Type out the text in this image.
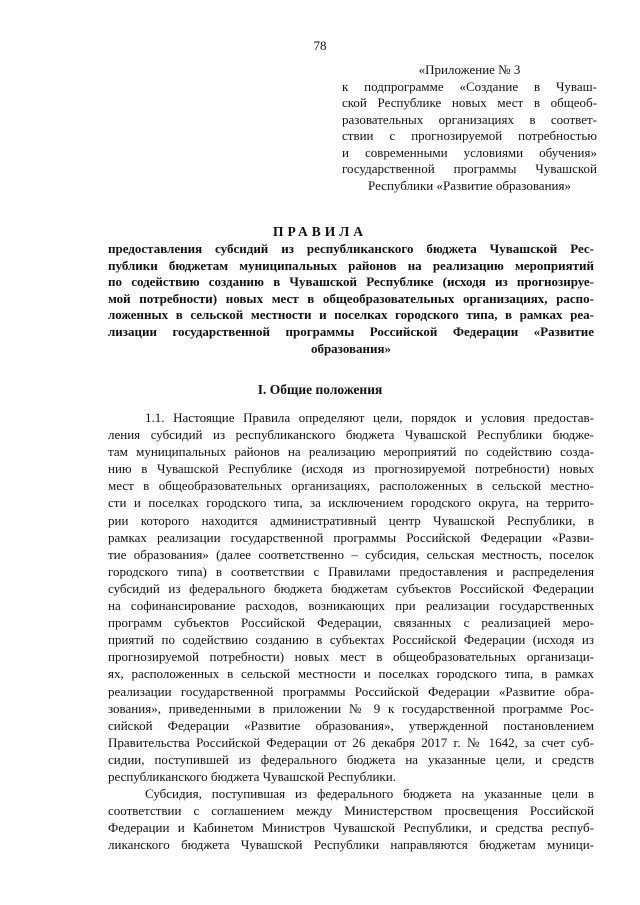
78
«Приложение № 3
к подпрограмме «Создание в Чуваш-
ской Республике новых мест в общеоб-
разовательных организациях в соответ-
ствии с прогнозируемой потребностью
и современными условиями обучения»
государственной программы Чувашской
Республики «Развитие образования»
ПРАВИЛА
предоставления субсидий из республиканского бюджета Чувашской Рес-
публики бюджетам муниципальных районов на реализацию мероприятий
по содействию созданию в Чувашской Республике (исходя из прогнозируе-
мой потребности) новых мест в общеобразовательных организациях, распо-
ложенных в сельской местности и поселках городского типа, в рамках реа-
лизации государственной программы Российской Федерации «Развитие
образования»
I. Общие положения
1.1. Настоящие Правила определяют цели, порядок и условия предостав-
ления субсидий из республиканского бюджета Чувашской Республики бюдже-
там муниципальных районов на реализацию мероприятий по содействию созда-
нию в Чувашской Республике (исходя из прогнозируемой потребности) новых
мест в общеобразовательных организациях, расположенных в сельской местно-
сти и поселках городского типа, за исключением городского округа, на террито-
рии которого находится административный центр Чувашской Республики, в
рамках реализации государственной программы Российской Федерации «Разви-
тие образования» (далее соответственно – субсидия, сельская местность, поселок
городского типа) в соответствии с Правилами предоставления и распределения
субсидий из федерального бюджета бюджетам субъектов Российской Федерации
на софинансирование расходов, возникающих при реализации государственных
программ субъектов Российской Федерации, связанных с реализацией меро-
приятий по содействию созданию в субъектах Российской Федерации (исходя из
прогнозируемой потребности) новых мест в общеобразовательных организаци-
ях, расположенных в сельской местности и поселках городского типа, в рамках
реализации государственной программы Российской Федерации «Развитие обра-
зования», приведенными в приложении № 9 к государственной программе Рос-
сийской Федерации «Развитие образования», утвержденной постановлением
Правительства Российской Федерации от 26 декабря 2017 г. № 1642, за счет суб-
сидии, поступившей из федерального бюджета на указанные цели, и средств
республиканского бюджета Чувашской Республики.
Субсидия, поступившая из федерального бюджета на указанные цели в
соответствии с соглашением между Министерством просвещения Российской
Федерации и Кабинетом Министров Чувашской Республики, и средства респуб-
ликанского бюджета Чувашской Республики направляются бюджетам муници-
